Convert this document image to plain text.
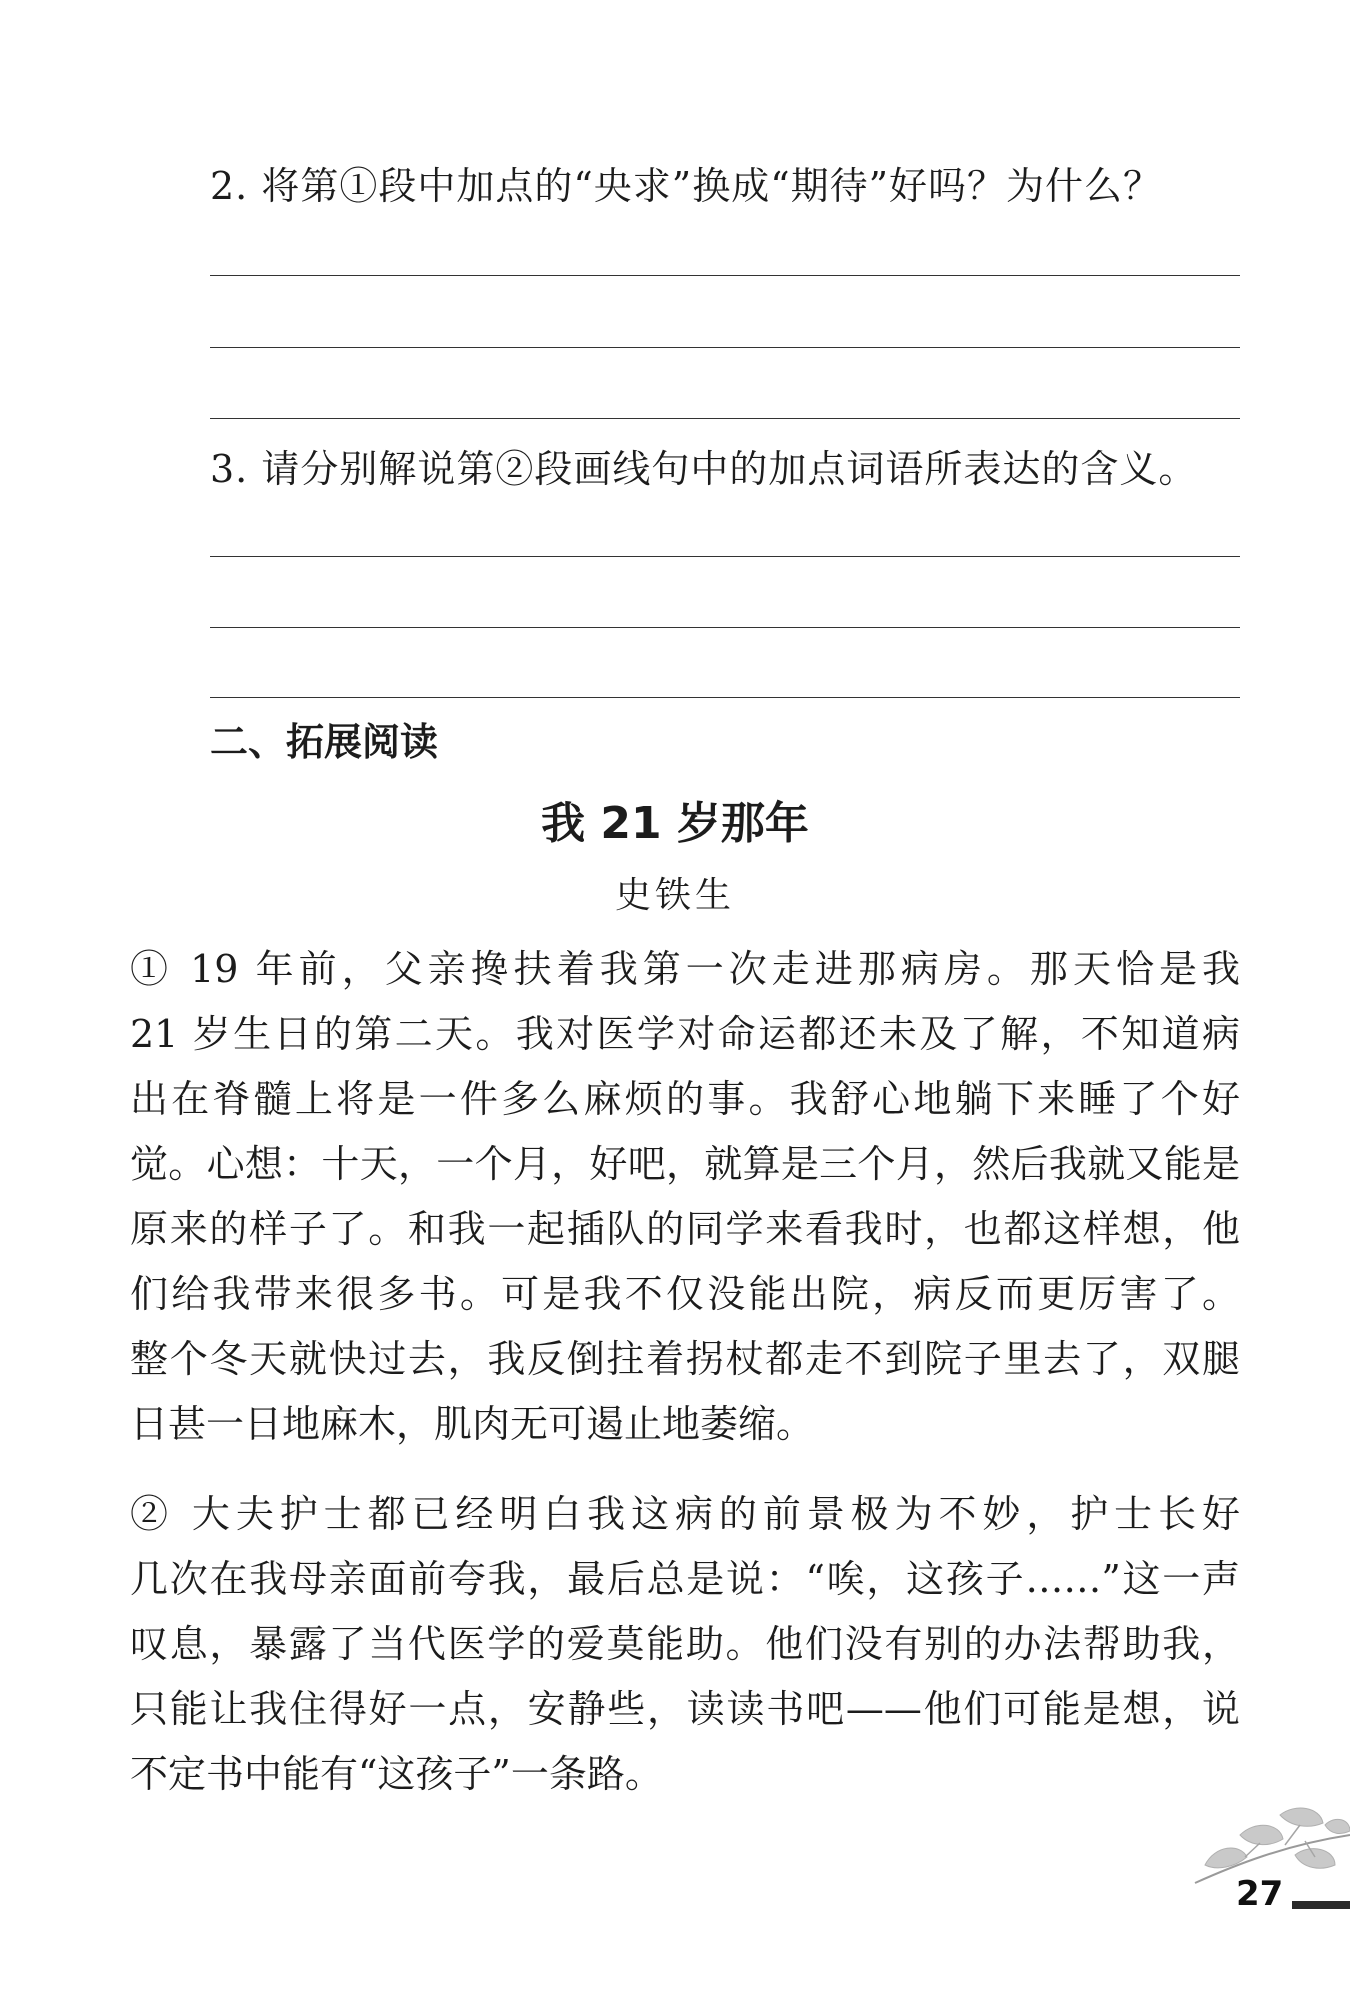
2. 将第①段中加点的“央求”换成“期待”好吗？为什么？
3. 请分别解说第②段画线句中的加点词语所表达的含义。
二、拓展阅读
我 21 岁那年
史铁生
① 19 年前，父亲搀扶着我第一次走进那病房。那天恰是我
21 岁生日的第二天。我对医学对命运都还未及了解，不知道病
出在脊髓上将是一件多么麻烦的事。我舒心地躺下来睡了个好
觉。心想：十天，一个月，好吧，就算是三个月，然后我就又能是
原来的样子了。和我一起插队的同学来看我时，也都这样想，他
们给我带来很多书。可是我不仅没能出院，病反而更厉害了。
整个冬天就快过去，我反倒拄着拐杖都走不到院子里去了，双腿
日甚一日地麻木，肌肉无可遏止地萎缩。
② 大夫护士都已经明白我这病的前景极为不妙，护士长好
几次在我母亲面前夸我，最后总是说：“唉，这孩子……”这一声
叹息，暴露了当代医学的爱莫能助。他们没有别的办法帮助我，
只能让我住得好一点，安静些，读读书吧——他们可能是想，说
不定书中能有“这孩子”一条路。
27
